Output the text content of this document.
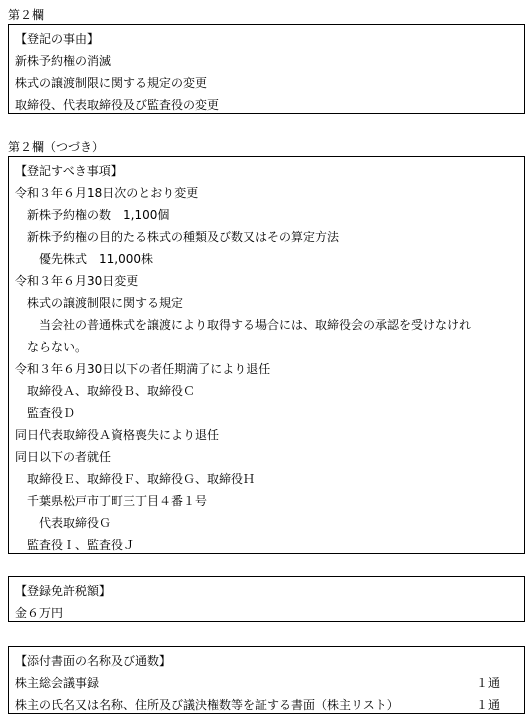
第２欄
【登記の事由】
新株予約権の消滅
株式の譲渡制限に関する規定の変更
取締役、代表取締役及び監査役の変更
第２欄（つづき）
【登記すべき事項】
令和３年６月18日次のとおり変更
新株予約権の数　1,100個
新株予約権の目的たる株式の種類及び数又はその算定方法
優先株式　11,000株
令和３年６月30日変更
株式の譲渡制限に関する規定
当会社の普通株式を譲渡により取得する場合には、取締役会の承認を受けなけれ
ならない。
令和３年６月30日以下の者任期満了により退任
取締役Ａ、取締役Ｂ、取締役Ｃ
監査役Ｄ
同日代表取締役Ａ資格喪失により退任
同日以下の者就任
取締役Ｅ、取締役Ｆ、取締役Ｇ、取締役Ｈ
千葉県松戸市丁町三丁目４番１号
代表取締役Ｇ
監査役Ｉ、監査役Ｊ
【登録免許税額】
金６万円
【添付書面の名称及び通数】
株主総会議事録	１通
株主の氏名又は名称、住所及び議決権数等を証する書面（株主リスト）	１通
